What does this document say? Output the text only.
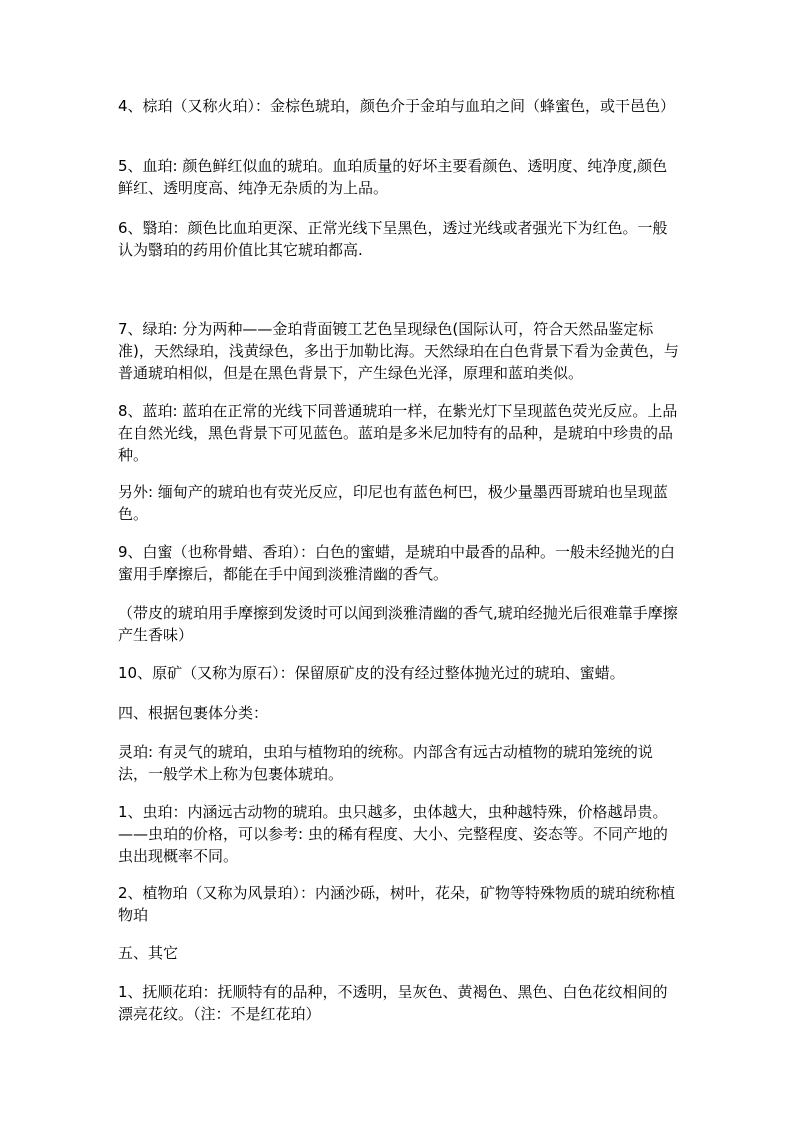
4、棕珀（又称火珀）：金棕色琥珀，颜色介于金珀与血珀之间（蜂蜜色，或干邑色）

5、血珀: 颜色鲜红似血的琥珀。血珀质量的好坏主要看颜色、透明度、纯净度,颜色鲜红、透明度高、纯净无杂质的为上品。

6、翳珀：颜色比血珀更深、正常光线下呈黑色，透过光线或者强光下为红色。一般认为翳珀的药用价值比其它琥珀都高.

7、绿珀: 分为两种——金珀背面镀工艺色呈现绿色(国际认可，符合天然品鉴定标准)，天然绿珀，浅黄绿色，多出于加勒比海。天然绿珀在白色背景下看为金黄色，与普通琥珀相似，但是在黑色背景下，产生绿色光泽，原理和蓝珀类似。

8、蓝珀: 蓝珀在正常的光线下同普通琥珀一样，在紫光灯下呈现蓝色荧光反应。上品在自然光线，黑色背景下可见蓝色。蓝珀是多米尼加特有的品种，是琥珀中珍贵的品种。

另外: 缅甸产的琥珀也有荧光反应，印尼也有蓝色柯巴，极少量墨西哥琥珀也呈现蓝色。

9、白蜜（也称骨蜡、香珀）：白色的蜜蜡，是琥珀中最香的品种。一般未经抛光的白蜜用手摩擦后，都能在手中闻到淡雅清幽的香气。

（带皮的琥珀用手摩擦到发烫时可以闻到淡雅清幽的香气,琥珀经抛光后很难靠手摩擦产生香味）

10、原矿（又称为原石）：保留原矿皮的没有经过整体抛光过的琥珀、蜜蜡。

四、根据包裹体分类：

灵珀: 有灵气的琥珀，虫珀与植物珀的统称。内部含有远古动植物的琥珀笼统的说法，一般学术上称为包裹体琥珀。

1、虫珀：内涵远古动物的琥珀。虫只越多，虫体越大，虫种越特殊，价格越昂贵。——虫珀的价格，可以参考: 虫的稀有程度、大小、完整程度、姿态等。不同产地的虫出现概率不同。

2、植物珀（又称为风景珀）：内涵沙砾，树叶，花朵，矿物等特殊物质的琥珀统称植物珀

五、其它

1、抚顺花珀：抚顺特有的品种，不透明，呈灰色、黄褐色、黑色、白色花纹相间的漂亮花纹。（注：不是红花珀）
